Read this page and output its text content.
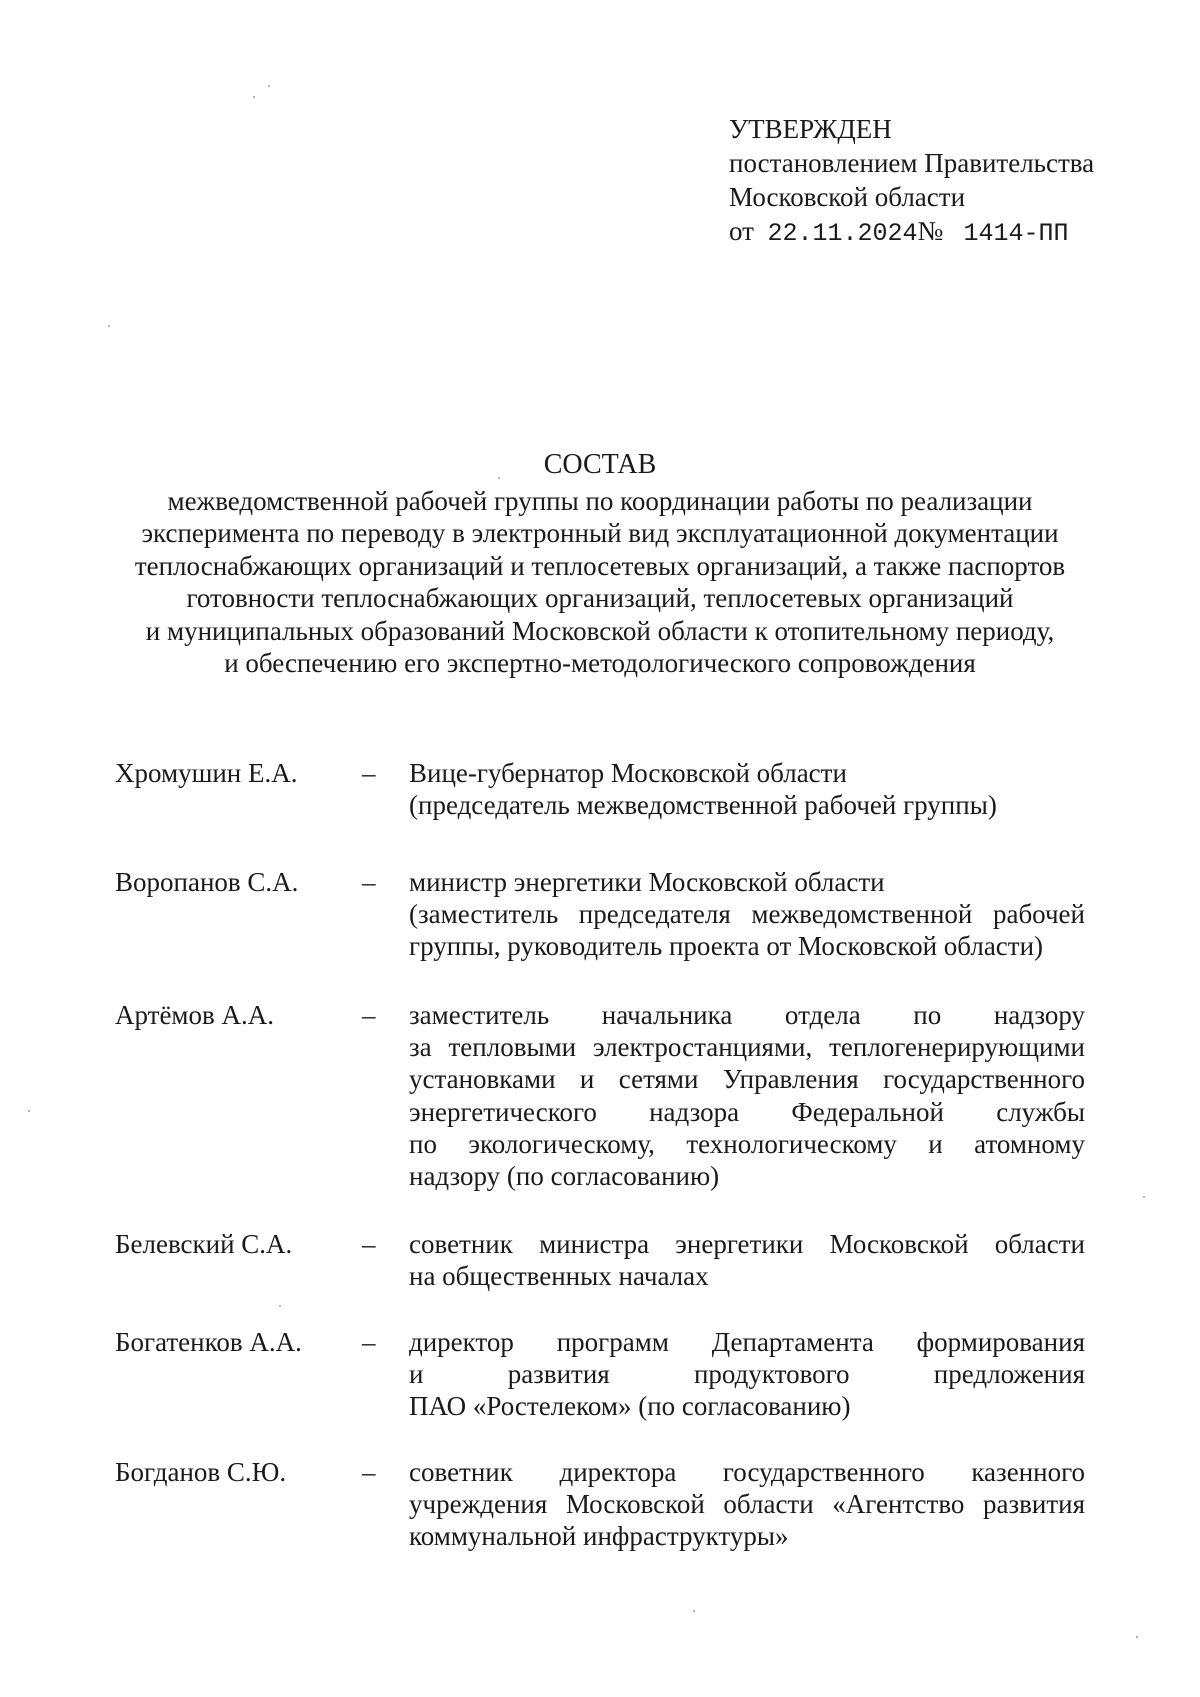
УТВЕРЖДЕН
постановлением Правительства
Московской области
от 22.11.2024№ 1414-ПП
СОСТАВ
межведомственной рабочей группы по координации работы по реализации
эксперимента по переводу в электронный вид эксплуатационной документации
теплоснабжающих организаций и теплосетевых организаций, а также паспортов
готовности теплоснабжающих организаций, теплосетевых организаций
и муниципальных образований Московской области к отопительному периоду,
и обеспечению его экспертно-методологического сопровождения
Хромушин Е.А. – Вице-губернатор Московской области
(председатель межведомственной рабочей группы)
Воропанов С.А. – министр энергетики Московской области
(заместитель председателя межведомственной рабочей
группы, руководитель проекта от Московской области)
Артёмов А.А.	– заместитель начальника отдела по надзору
за тепловыми электростанциями, теплогенерирующими
установками и сетями Управления государственного
энергетического надзора Федеральной службы
по экологическому, технологическому и атомному
надзору (по согласованию)
Белевский С.А.	– советник министра энергетики Московской области
на общественных началах
Богатенков А.А. – директор программ Департамента формирования
и развития продуктового предложения
ПАО «Ростелеком» (по согласованию)
Богданов С.Ю.	– советник директора государственного казенного
учреждения Московской области «Агентство развития
коммунальной инфраструктуры»
